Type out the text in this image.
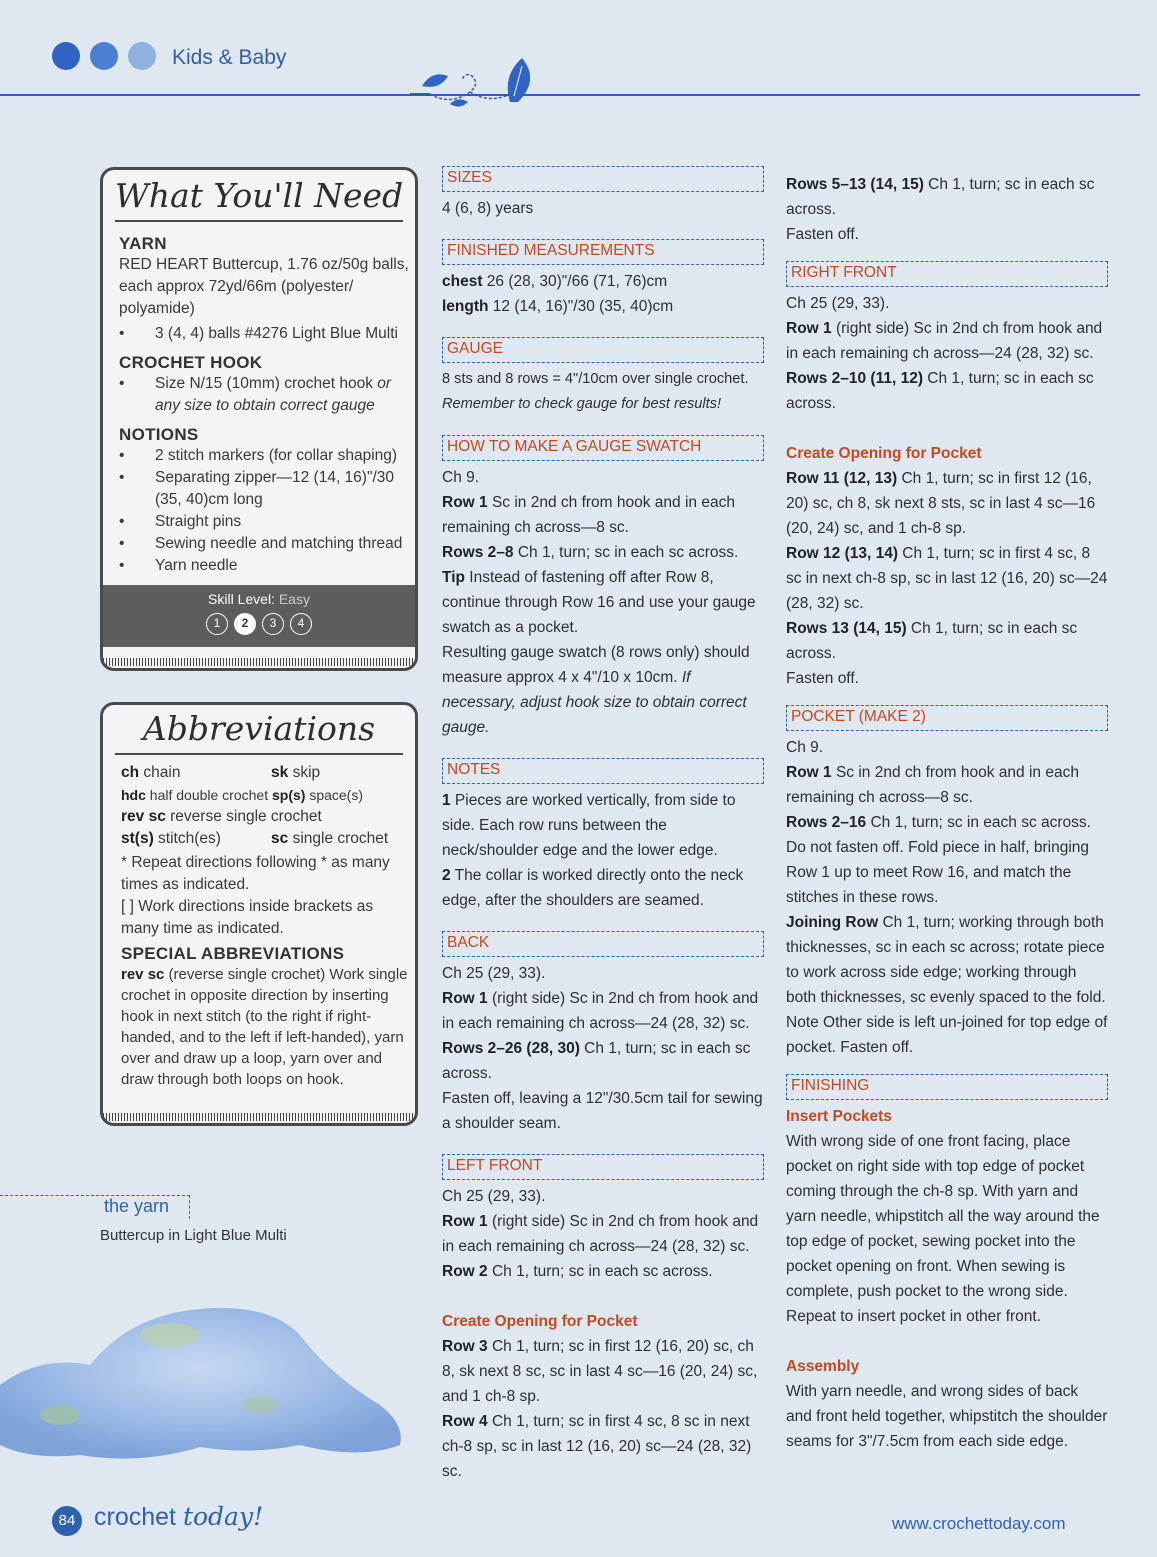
Kids & Baby
What You'll Need
YARN
RED HEART Buttercup, 1.76 oz/50g balls, each approx 72yd/66m (polyester/ polyamide)
• 3 (4, 4) balls #4276 Light Blue Multi
CROCHET HOOK
• Size N/15 (10mm) crochet hook or any size to obtain correct gauge
NOTIONS
• 2 stitch markers (for collar shaping)
• Separating zipper—12 (14, 16)"/30 (35, 40)cm long
• Straight pins
• Sewing needle and matching thread
• Yarn needle
Skill Level: Easy
1	2	3	4
Abbreviations
ch chain	sk skip
hdc half double crochet sp(s) space(s)
rev sc reverse single crochet
st(s) stitch(es)	sc single crochet
* Repeat directions following * as many times as indicated.
[ ] Work directions inside brackets as many time as indicated.
SPECIAL ABBREVIATIONS
rev sc (reverse single crochet) Work single crochet in opposite direction by inserting hook in next stitch (to the right if right-handed, and to the left if left-handed), yarn over and draw up a loop, yarn over and draw through both loops on hook.
the yarn
Buttercup in Light Blue Multi
SIZES
4 (6, 8) years
FINISHED MEASUREMENTS
chest 26 (28, 30)"/66 (71, 76)cm
length 12 (14, 16)"/30 (35, 40)cm
GAUGE
8 sts and 8 rows = 4"/10cm over single crochet.
Remember to check gauge for best results!
HOW TO MAKE A GAUGE SWATCH
Ch 9.
Row 1 Sc in 2nd ch from hook and in each remaining ch across—8 sc.
Rows 2–8 Ch 1, turn; sc in each sc across.
Tip Instead of fastening off after Row 8, continue through Row 16 and use your gauge swatch as a pocket.
Resulting gauge swatch (8 rows only) should measure approx 4 x 4"/10 x 10cm. If necessary, adjust hook size to obtain correct gauge.
NOTES
1 Pieces are worked vertically, from side to side. Each row runs between the neck/shoulder edge and the lower edge.
2 The collar is worked directly onto the neck edge, after the shoulders are seamed.
BACK
Ch 25 (29, 33).
Row 1 (right side) Sc in 2nd ch from hook and in each remaining ch across—24 (28, 32) sc.
Rows 2–26 (28, 30) Ch 1, turn; sc in each sc across.
Fasten off, leaving a 12"/30.5cm tail for sewing a shoulder seam.
LEFT FRONT
Ch 25 (29, 33).
Row 1 (right side) Sc in 2nd ch from hook and in each remaining ch across—24 (28, 32) sc.
Row 2 Ch 1, turn; sc in each sc across.
Create Opening for Pocket
Row 3 Ch 1, turn; sc in first 12 (16, 20) sc, ch 8, sk next 8 sc, sc in last 4 sc—16 (20, 24) sc, and 1 ch-8 sp.
Row 4 Ch 1, turn; sc in first 4 sc, 8 sc in next ch-8 sp, sc in last 12 (16, 20) sc—24 (28, 32) sc.
Rows 5–13 (14, 15) Ch 1, turn; sc in each sc across.
Fasten off.
RIGHT FRONT
Ch 25 (29, 33).
Row 1 (right side) Sc in 2nd ch from hook and in each remaining ch across—24 (28, 32) sc.
Rows 2–10 (11, 12) Ch 1, turn; sc in each sc across.
Create Opening for Pocket
Row 11 (12, 13) Ch 1, turn; sc in first 12 (16, 20) sc, ch 8, sk next 8 sts, sc in last 4 sc—16 (20, 24) sc, and 1 ch-8 sp.
Row 12 (13, 14) Ch 1, turn; sc in first 4 sc, 8 sc in next ch-8 sp, sc in last 12 (16, 20) sc—24 (28, 32) sc.
Rows 13 (14, 15) Ch 1, turn; sc in each sc across.
Fasten off.
POCKET (MAKE 2)
Ch 9.
Row 1 Sc in 2nd ch from hook and in each remaining ch across—8 sc.
Rows 2–16 Ch 1, turn; sc in each sc across. Do not fasten off. Fold piece in half, bringing Row 1 up to meet Row 16, and match the stitches in these rows.
Joining Row Ch 1, turn; working through both thicknesses, sc in each sc across; rotate piece to work across side edge; working through both thicknesses, sc evenly spaced to the fold. Note Other side is left un-joined for top edge of pocket. Fasten off.
FINISHING
Insert Pockets
With wrong side of one front facing, place pocket on right side with top edge of pocket coming through the ch-8 sp. With yarn and yarn needle, whipstitch all the way around the top edge of pocket, sewing pocket into the pocket opening on front. When sewing is complete, push pocket to the wrong side. Repeat to insert pocket in other front.
Assembly
With yarn needle, and wrong sides of back and front held together, whipstitch the shoulder seams for 3"/7.5cm from each side edge.
84 crochet today!	www.crochettoday.com
